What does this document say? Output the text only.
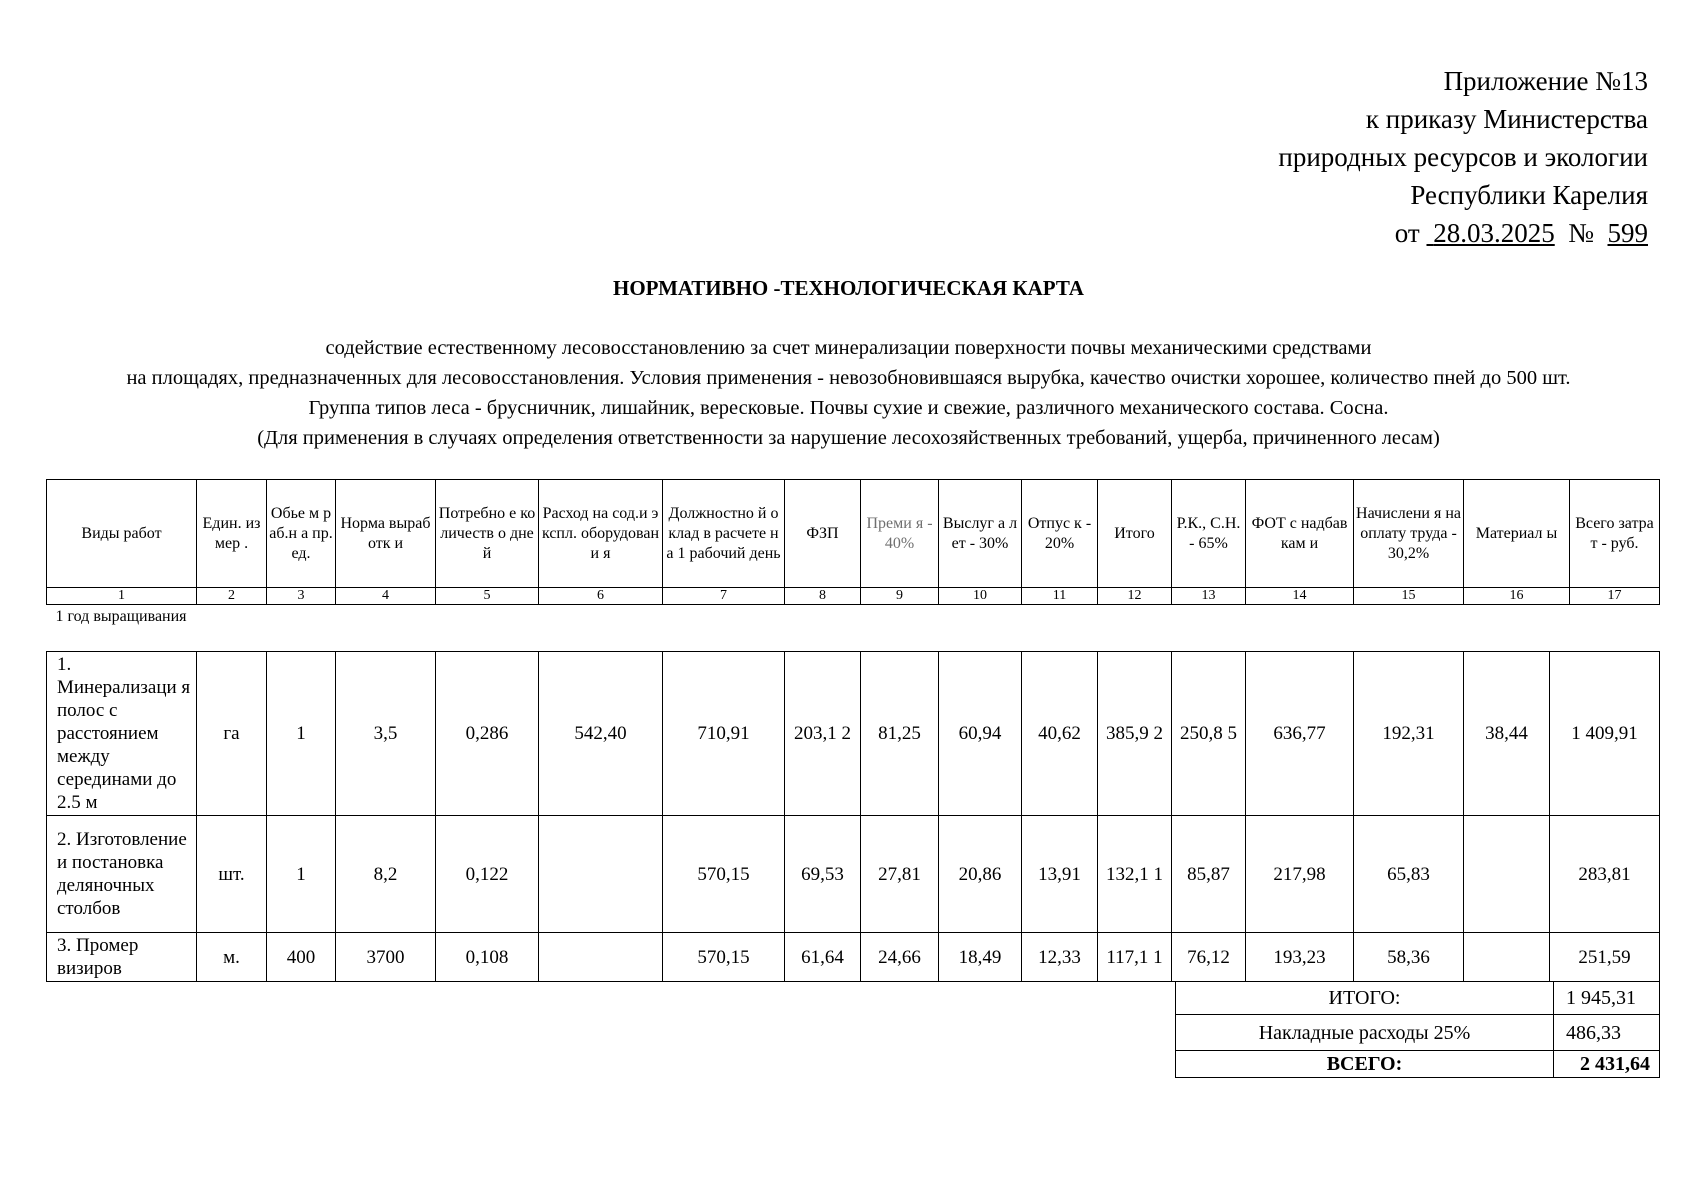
Приложение №13
к приказу Министерства
природных ресурсов и экологии
Республики Карелия
от 28.03.2025 № 599
НОРМАТИВНО -ТЕХНОЛОГИЧЕСКАЯ КАРТА
содействие естественному лесовосстановлению за счет минерализации поверхности почвы механическими средствами
на площадях, предназначенных для лесовосстановления. Условия применения - невозобновившаяся вырубка, качество очистки хорошее, количество пней до 500 шт.
Группа типов леса - брусничник, лишайник, вересковые. Почвы сухие и свежие, различного механического состава. Сосна.
(Для применения в случаях определения ответственности за нарушение лесохозяйственных требований, ущерба, причиненного лесам)
Виды работ	Един. измер .	Обье м раб.н а пр.ед.	Норма выработк и	Потребно е количеств о дней	Расход на сод.и экспл. оборудовани я	Должностно й оклад в расчете на 1 рабочий день	ФЗП	Преми я - 40%	Выслуг а лет - 30%	Отпус к - 20%	Итого	Р.К., С.Н.- 65%	ФОТ с надбавкам и	Начислени я на оплату труда - 30,2%	Материал ы	Всего затрат - руб.
1	2	3	4	5	6	7	8	9	10	11	12	13	14	15	16	17
1 год выращивания
1. Минерализаци я полос с расстоянием между серединами до 2.5 м	га	1	3,5	0,286	542,40	710,91	203,1 2	81,25	60,94	40,62	385,9 2	250,8 5	636,77	192,31	38,44	1 409,91
2. Изготовление и постановка деляночных столбов	шт.	1	8,2	0,122		570,15	69,53	27,81	20,86	13,91	132,1 1	85,87	217,98	65,83		283,81
3. Промер визиров	м.	400	3700	0,108		570,15	61,64	24,66	18,49	12,33	117,1 1	76,12	193,23	58,36		251,59
ИТОГО:	1 945,31
Накладные расходы 25%	486,33
ВСЕГО:	2 431,64
